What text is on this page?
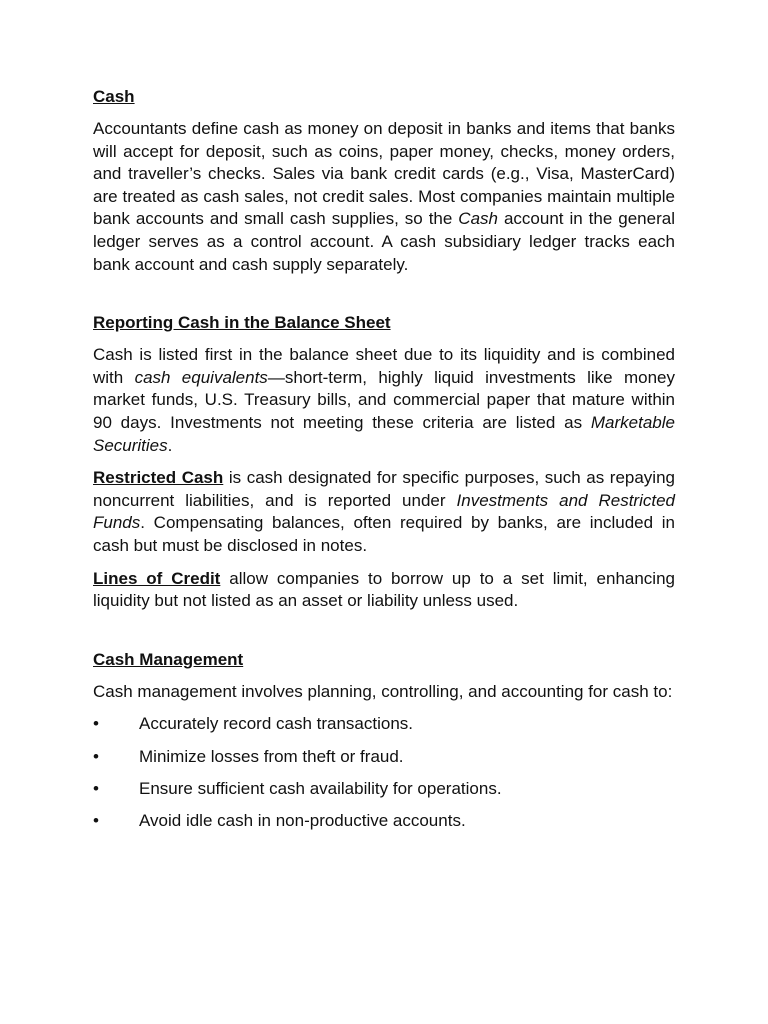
Cash

Accountants define cash as money on deposit in banks and items that banks will accept for deposit, such as coins, paper money, checks, money orders, and traveller’s checks. Sales via bank credit cards (e.g., Visa, MasterCard) are treated as cash sales, not credit sales. Most companies maintain multiple bank accounts and small cash supplies, so the Cash account in the general ledger serves as a control account. A cash subsidiary ledger tracks each bank account and cash supply separately.

Reporting Cash in the Balance Sheet

Cash is listed first in the balance sheet due to its liquidity and is combined with cash equivalents—short-term, highly liquid investments like money market funds, U.S. Treasury bills, and commercial paper that mature within 90 days. Investments not meeting these criteria are listed as Marketable Securities.

Restricted Cash is cash designated for specific purposes, such as repaying noncurrent liabilities, and is reported under Investments and Restricted Funds. Compensating balances, often required by banks, are included in cash but must be disclosed in notes.

Lines of Credit allow companies to borrow up to a set limit, enhancing liquidity but not listed as an asset or liability unless used.

Cash Management

Cash management involves planning, controlling, and accounting for cash to:

•	Accurately record cash transactions.
•	Minimize losses from theft or fraud.
•	Ensure sufficient cash availability for operations.
•	Avoid idle cash in non-productive accounts.
